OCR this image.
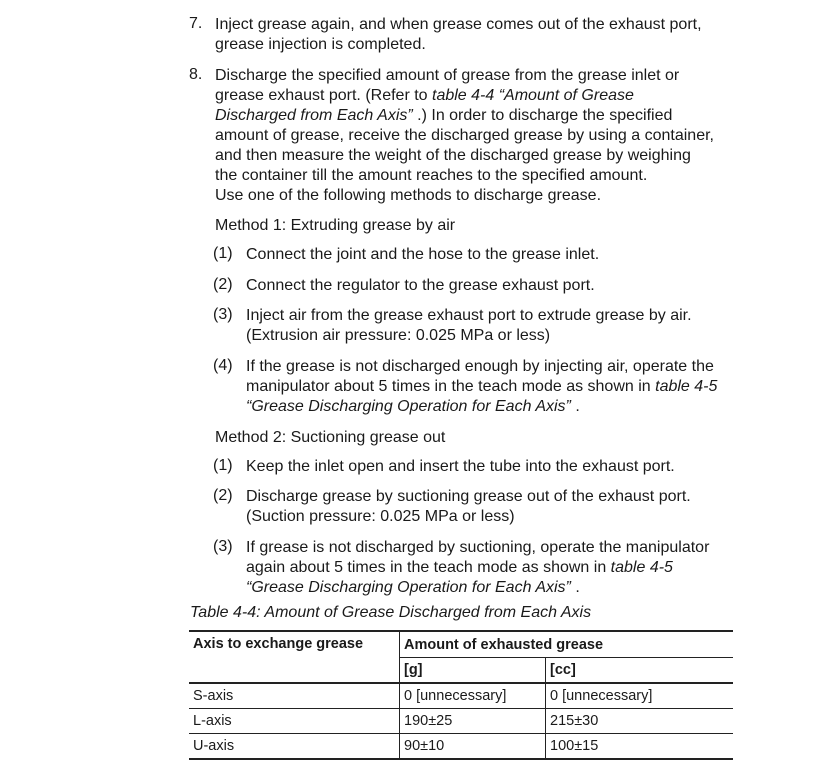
7. Inject grease again, and when grease comes out of the exhaust port,
grease injection is completed.
8. Discharge the specified amount of grease from the grease inlet or
grease exhaust port. (Refer to table 4-4 “Amount of Grease
Discharged from Each Axis” .) In order to discharge the specified
amount of grease, receive the discharged grease by using a container,
and then measure the weight of the discharged grease by weighing
the container till the amount reaches to the specified amount.
Use one of the following methods to discharge grease.
Method 1: Extruding grease by air
(1) Connect the joint and the hose to the grease inlet.
(2) Connect the regulator to the grease exhaust port.
(3) Inject air from the grease exhaust port to extrude grease by air.
(Extrusion air pressure: 0.025 MPa or less)
(4) If the grease is not discharged enough by injecting air, operate the
manipulator about 5 times in the teach mode as shown in table 4-5
“Grease Discharging Operation for Each Axis” .
Method 2: Suctioning grease out
(1) Keep the inlet open and insert the tube into the exhaust port.
(2) Discharge grease by suctioning grease out of the exhaust port.
(Suction pressure: 0.025 MPa or less)
(3) If grease is not discharged by suctioning, operate the manipulator
again about 5 times in the teach mode as shown in table 4-5
“Grease Discharging Operation for Each Axis” .
Table 4-4: Amount of Grease Discharged from Each Axis
Axis to exchange grease	Amount of exhausted grease	
	[g]	[cc]
S-axis	0 [unnecessary]	0 [unnecessary]
L-axis	190±25	215±30
U-axis	90±10	100±15
